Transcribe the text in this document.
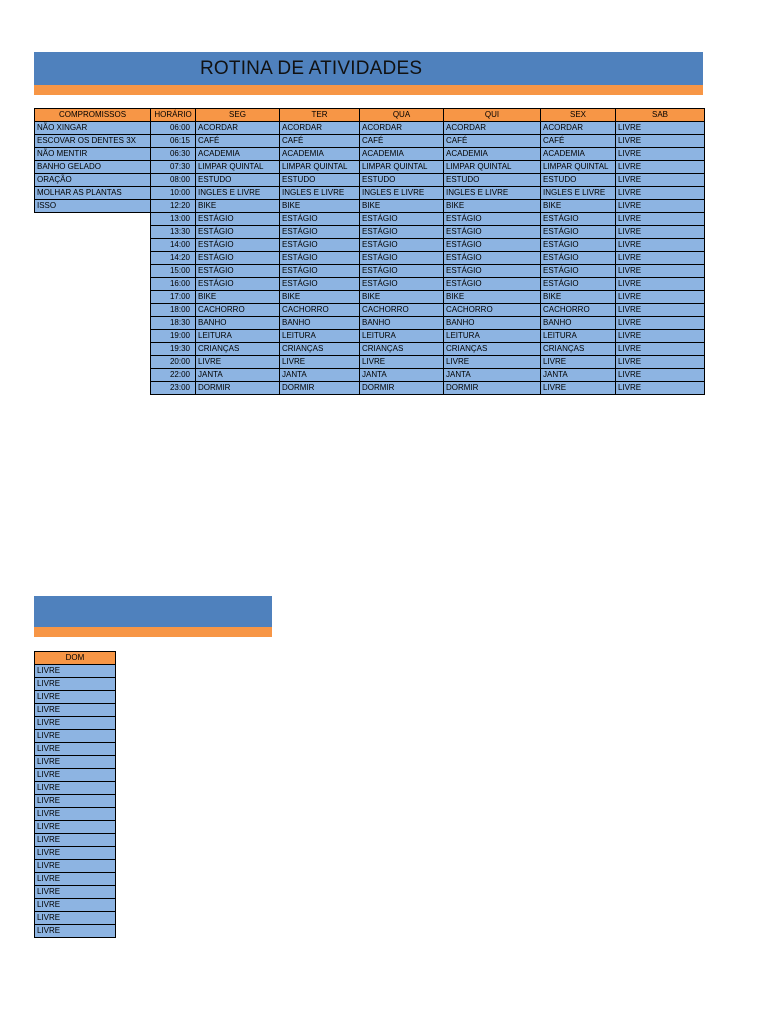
ROTINA DE ATIVIDADES
COMPROMISSOS	HORÁRIO	SEG	TER	QUA	QUI	SEX	SAB
NÃO XINGAR	06:00	ACORDAR	ACORDAR	ACORDAR	ACORDAR	ACORDAR	LIVRE
ESCOVAR OS DENTES 3X	06:15	CAFÉ	CAFÉ	CAFÉ	CAFÉ	CAFÉ	LIVRE
NÃO MENTIR	06:30	ACADEMIA	ACADEMIA	ACADEMIA	ACADEMIA	ACADEMIA	LIVRE
BANHO GELADO	07:30	LIMPAR QUINTAL	LIMPAR QUINTAL	LIMPAR QUINTAL	LIMPAR QUINTAL	LIMPAR QUINTAL	LIVRE
ORAÇÃO	08:00	ESTUDO	ESTUDO	ESTUDO	ESTUDO	ESTUDO	LIVRE
MOLHAR AS PLANTAS	10:00	INGLES E LIVRE	INGLES E LIVRE	INGLES E LIVRE	INGLES E LIVRE	INGLES E LIVRE	LIVRE
ISSO	12:20	BIKE	BIKE	BIKE	BIKE	BIKE	LIVRE
	13:00	ESTÁGIO	ESTÁGIO	ESTÁGIO	ESTÁGIO	ESTÁGIO	LIVRE
	13:30	ESTÁGIO	ESTÁGIO	ESTÁGIO	ESTÁGIO	ESTÁGIO	LIVRE
	14:00	ESTÁGIO	ESTÁGIO	ESTÁGIO	ESTÁGIO	ESTÁGIO	LIVRE
	14:20	ESTÁGIO	ESTÁGIO	ESTÁGIO	ESTÁGIO	ESTÁGIO	LIVRE
	15:00	ESTÁGIO	ESTÁGIO	ESTÁGIO	ESTÁGIO	ESTÁGIO	LIVRE
	16:00	ESTÁGIO	ESTÁGIO	ESTÁGIO	ESTÁGIO	ESTÁGIO	LIVRE
	17:00	BIKE	BIKE	BIKE	BIKE	BIKE	LIVRE
	18:00	CACHORRO	CACHORRO	CACHORRO	CACHORRO	CACHORRO	LIVRE
	18:30	BANHO	BANHO	BANHO	BANHO	BANHO	LIVRE
	19:00	LEITURA	LEITURA	LEITURA	LEITURA	LEITURA	LIVRE
	19:30	CRIANÇAS	CRIANÇAS	CRIANÇAS	CRIANÇAS	CRIANÇAS	LIVRE
	20:00	LIVRE	LIVRE	LIVRE	LIVRE	LIVRE	LIVRE
	22:00	JANTA	JANTA	JANTA	JANTA	JANTA	LIVRE
	23:00	DORMIR	DORMIR	DORMIR	DORMIR	LIVRE	LIVRE
DOM
LIVRE
LIVRE
LIVRE
LIVRE
LIVRE
LIVRE
LIVRE
LIVRE
LIVRE
LIVRE
LIVRE
LIVRE
LIVRE
LIVRE
LIVRE
LIVRE
LIVRE
LIVRE
LIVRE
LIVRE
LIVRE
